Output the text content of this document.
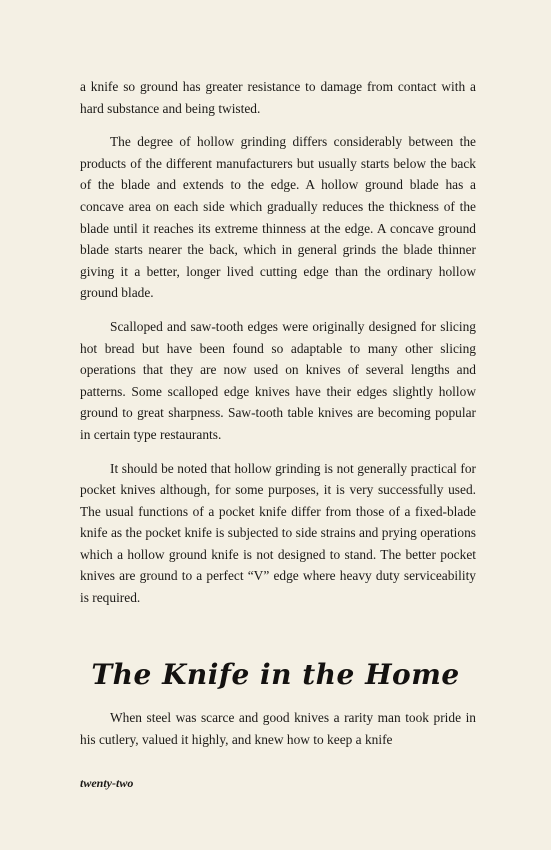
a knife so ground has greater resistance to damage from contact with a hard substance and being twisted.

The degree of hollow grinding differs considerably between the products of the different manufacturers but usually starts below the back of the blade and extends to the edge. A hollow ground blade has a concave area on each side which gradually reduces the thickness of the blade until it reaches its extreme thinness at the edge. A concave ground blade starts nearer the back, which in general grinds the blade thinner giving it a better, longer lived cutting edge than the ordinary hollow ground blade.

Scalloped and saw-tooth edges were originally designed for slicing hot bread but have been found so adaptable to many other slicing operations that they are now used on knives of several lengths and patterns. Some scalloped edge knives have their edges slightly hollow ground to great sharpness. Saw-tooth table knives are becoming popular in certain type restaurants.

It should be noted that hollow grinding is not generally practical for pocket knives although, for some purposes, it is very successfully used. The usual functions of a pocket knife differ from those of a fixed-blade knife as the pocket knife is subjected to side strains and prying operations which a hollow ground knife is not designed to stand. The better pocket knives are ground to a perfect “V” edge where heavy duty serviceability is required.

The Knife in the Home

When steel was scarce and good knives a rarity man took pride in his cutlery, valued it highly, and knew how to keep a knife

twenty-two
